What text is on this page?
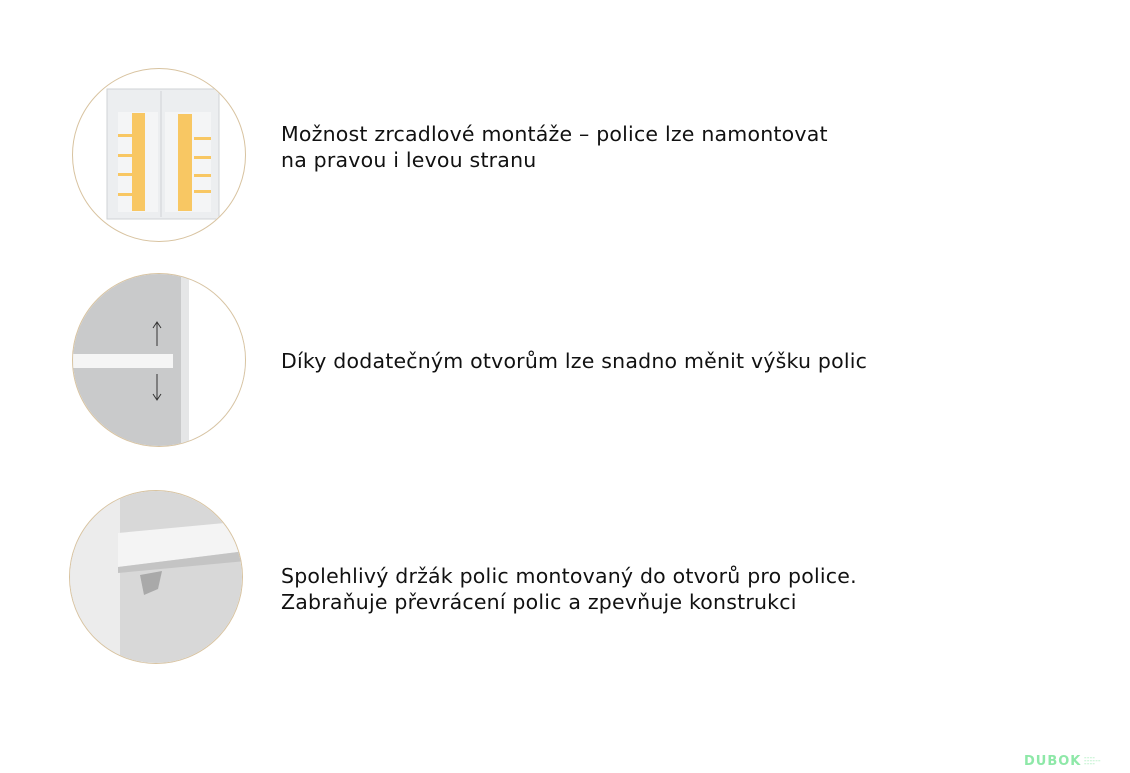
Možnost zrcadlové montáže – police lze namontovat
na pravou i levou stranu
Díky dodatečným otvorům lze snadno měnit výšku polic
Spolehlivý držák polic montovaný do otvorů pro police.
Zabraňuje převrácení polic a zpevňuje konstrukci
DUBOK ━━━━ ━━━━━━ ━━━━
